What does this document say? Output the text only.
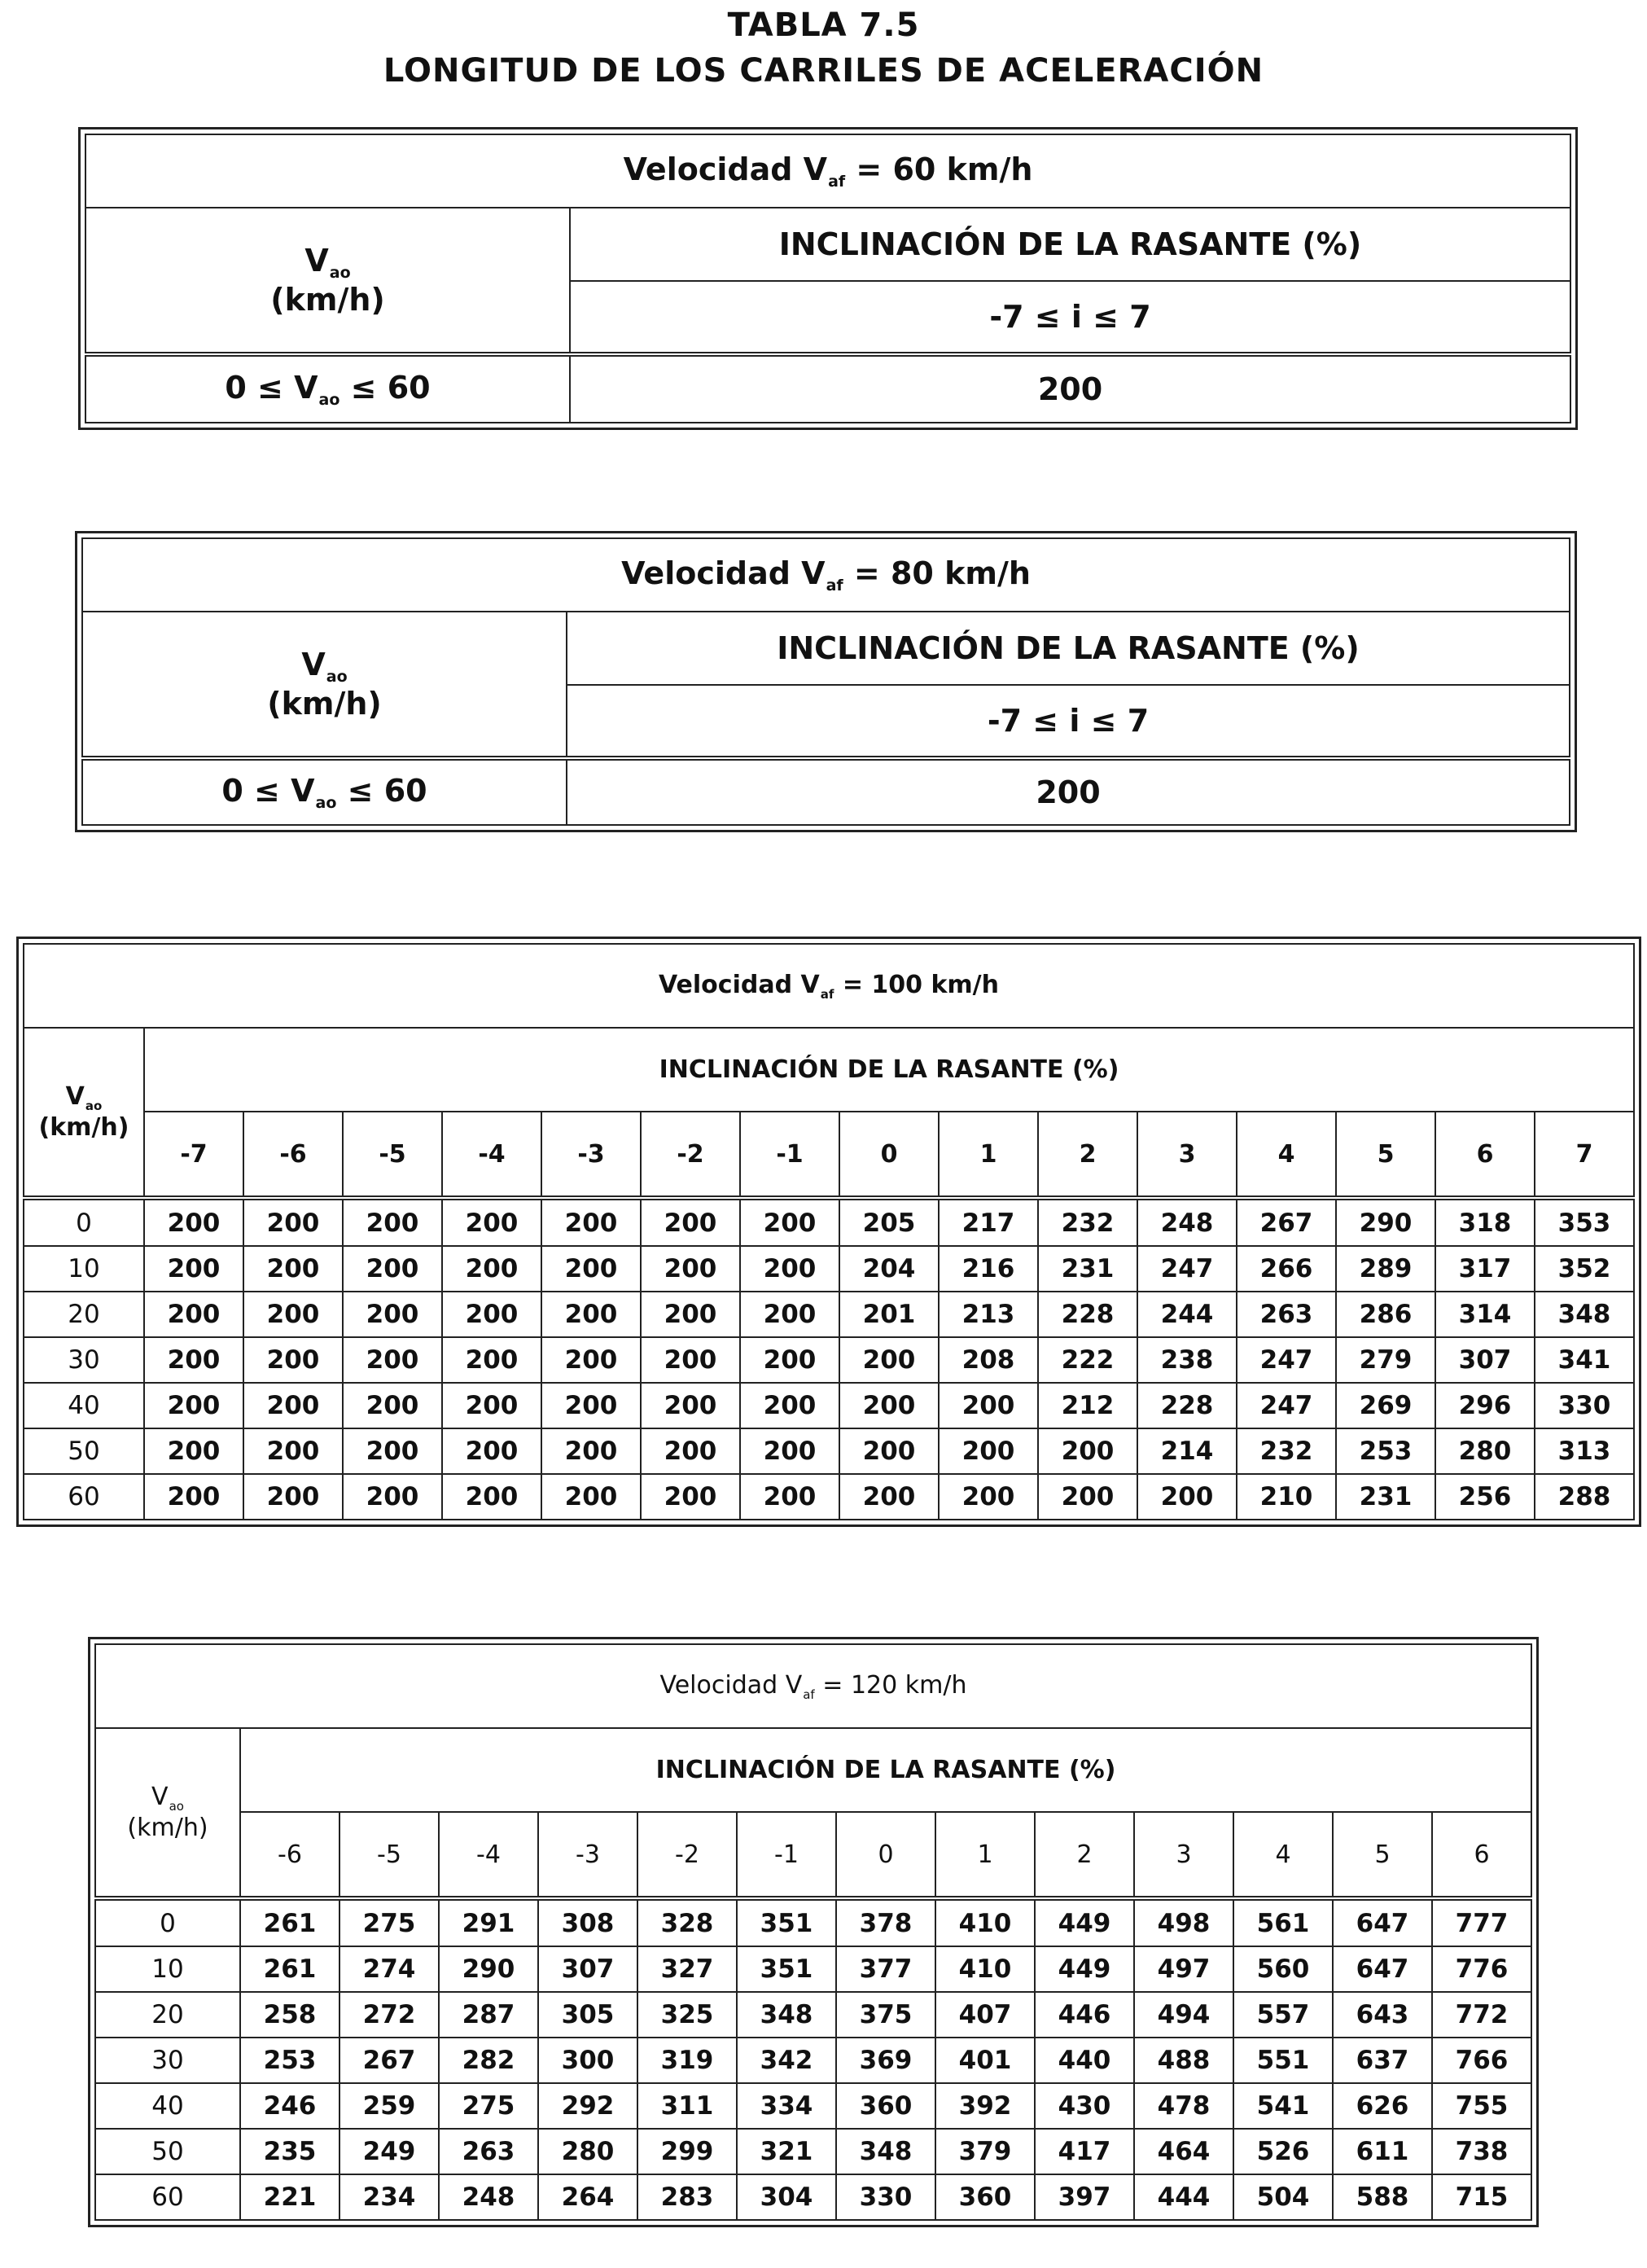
TABLA 7.5
LONGITUD DE LOS CARRILES DE ACELERACIÓN
Velocidad $V_{af} = 60$ km/h	
$V_{ao}$
(km/h)	INCLINACIÓN DE LA RASANTE (%)
	-7 ≤ i ≤ 7
$0 \le V_{ao} \le 60$	200
Velocidad $V_{af} = 80$ km/h	
$V_{ao}$
(km/h)	INCLINACIÓN DE LA RASANTE (%)
	-7 ≤ i ≤ 7
$0 \le V_{ao} \le 60$	200
Velocidad $V_{af} = 100$ km/h															
$V_{ao}$
(km/h)	INCLINACIÓN DE LA RASANTE (%)														
	-7	-6	-5	-4	-3	-2	-1	0	1	2	3	4	5	6	7
0	200	200	200	200	200	200	200	205	217	232	248	267	290	318	353
10	200	200	200	200	200	200	200	204	216	231	247	266	289	317	352
20	200	200	200	200	200	200	200	201	213	228	244	263	286	314	348
30	200	200	200	200	200	200	200	200	208	222	238	247	279	307	341
40	200	200	200	200	200	200	200	200	200	212	228	247	269	296	330
50	200	200	200	200	200	200	200	200	200	200	214	232	253	280	313
60	200	200	200	200	200	200	200	200	200	200	200	210	231	256	288
Velocidad $V_{af} = 120$ km/h													
$V_{ao}$
(km/h)	INCLINACIÓN DE LA RASANTE (%)												
	-6	-5	-4	-3	-2	-1	0	1	2	3	4	5	6
0	261	275	291	308	328	351	378	410	449	498	561	647	777
10	261	274	290	307	327	351	377	410	449	497	560	647	776
20	258	272	287	305	325	348	375	407	446	494	557	643	772
30	253	267	282	300	319	342	369	401	440	488	551	637	766
40	246	259	275	292	311	334	360	392	430	478	541	626	755
50	235	249	263	280	299	321	348	379	417	464	526	611	738
60	221	234	248	264	283	304	330	360	397	444	504	588	715
